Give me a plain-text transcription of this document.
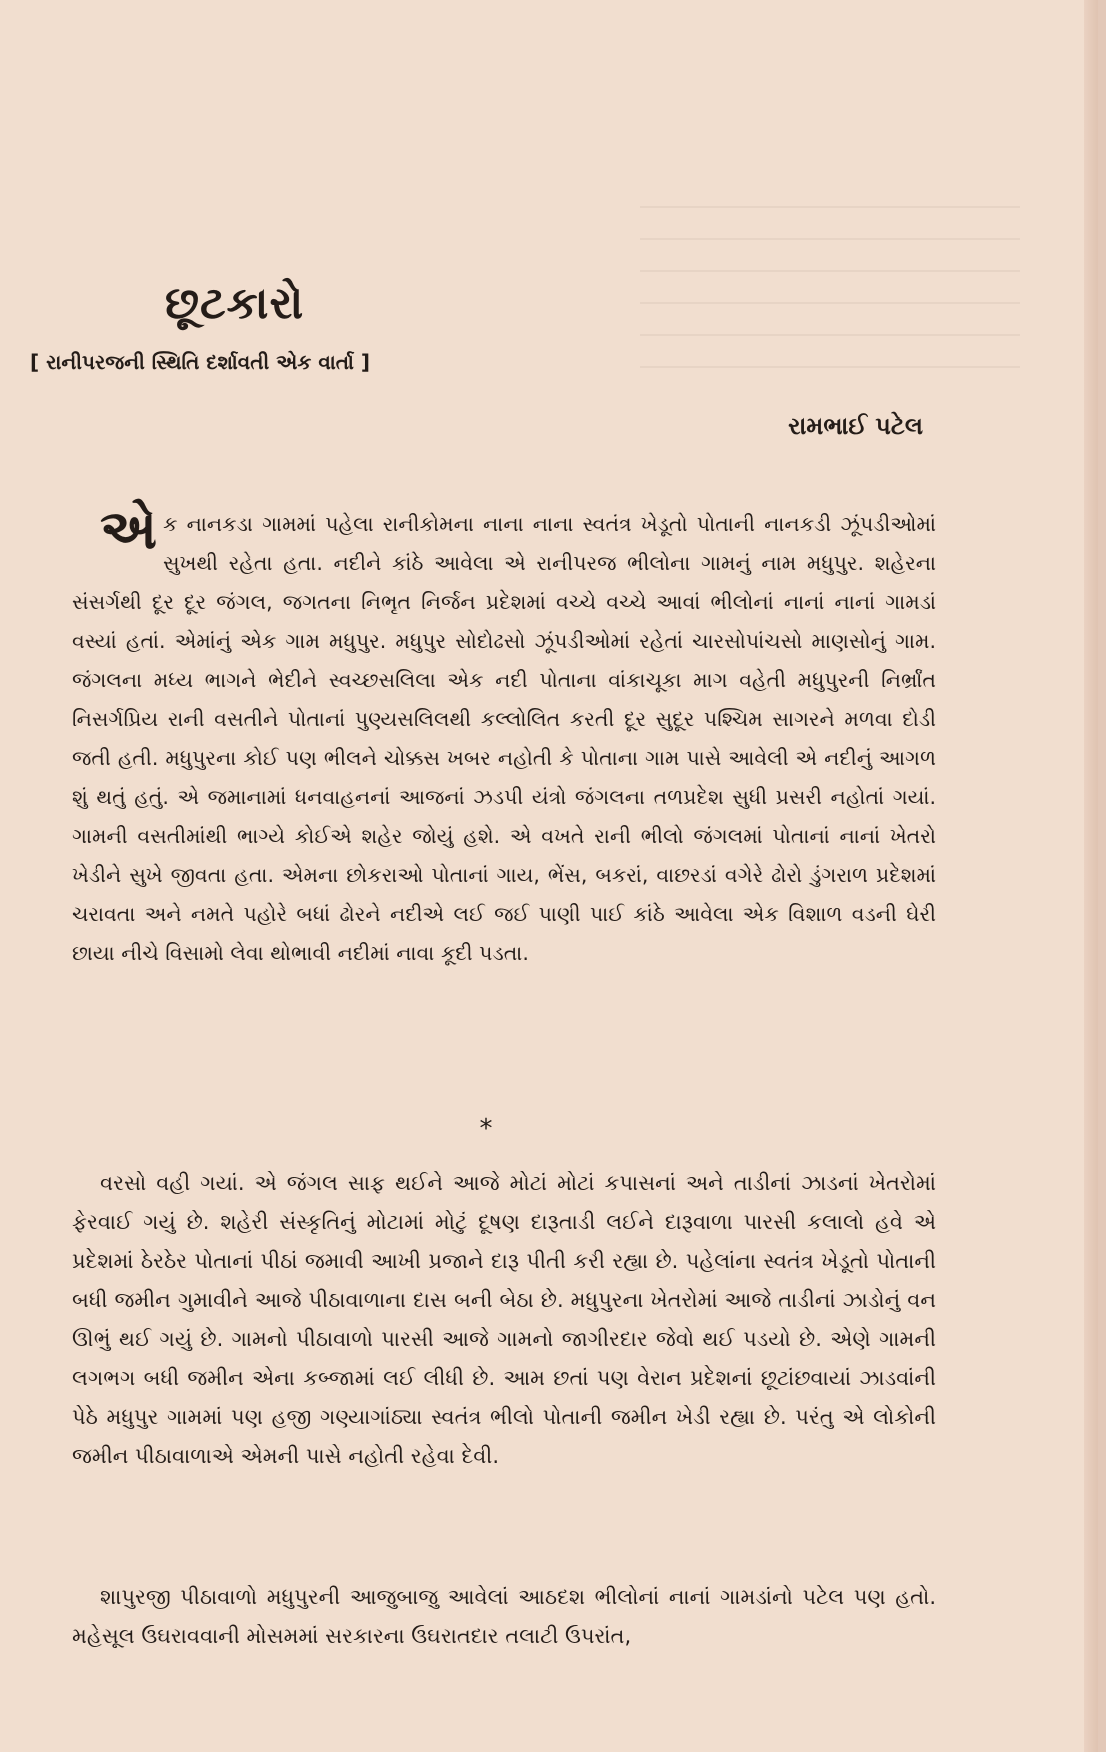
છૂટકારો

[ રાનીપરજની સ્થિતિ દર્શાવતી એક વાર્તા ]

રામભાઈ પટેલ

એક નાનકડા ગામમાં પહેલા રાનીકોમના નાના નાના સ્વતંત્ર ખેડૂતો પોતાની નાનકડી ઝૂંપડીઓમાં સુખથી રહેતા હતા. નદીને કાંઠે આવેલા એ રાનીપરજ ભીલોના ગામનું નામ મધુપુર. શહેરના સંસર્ગથી દૂર દૂર જંગલ, જગતના નિભૃત નિર્જન પ્રદેશમાં વચ્ચે વચ્ચે આવાં ભીલોનાં નાનાં નાનાં ગામડાં વસ્યાં હતાં. એમાંનું એક ગામ મધુપુર. મધુપુર સોદોઢસો ઝૂંપડીઓમાં રહેતાં ચારસોપાંચસો માણસોનું ગામ. જંગલના મધ્ય ભાગને ભેદીને સ્વચ્છસલિલા એક નદી પોતાના વાંકાચૂકા માગ વહેતી મધુપુરની નિર્ભ્રાંત નિસર્ગપ્રિય રાની વસતીને પોતાનાં પુણ્યસલિલથી કલ્લોલિત કરતી દૂર સુદૂર પશ્ચિમ સાગરને મળવા દોડી જતી હતી. મધુપુરના કોઈ પણ ભીલને ચોક્કસ ખબર નહોતી કે પોતાના ગામ પાસે આવેલી એ નદીનું આગળ શું થતું હતું. એ જમાનામાં ધનવાહનનાં આજનાં ઝડપી યંત્રો જંગલના તળપ્રદેશ સુધી પ્રસરી નહોતાં ગયાં. ગામની વસતીમાંથી ભાગ્યે કોઈએ શહેર જોયું હશે. એ વખતે રાની ભીલો જંગલમાં પોતાનાં નાનાં ખેતરો ખેડીને સુખે જીવતા હતા. એમના છોકરાઓ પોતાનાં ગાય, ભેંસ, બકરાં, વાછરડાં વગેરે ઢોરો ડુંગરાળ પ્રદેશમાં ચરાવતા અને નમતે પહોરે બધાં ઢોરને નદીએ લઈ જઈ પાણી પાઈ કાંઠે આવેલા એક વિશાળ વડની ઘેરી છાયા નીચે વિસામો લેવા થોભાવી નદીમાં નાવા કૂદી પડતા.

*

વરસો વહી ગયાં. એ જંગલ સાફ થઈને આજે મોટાં મોટાં કપાસનાં અને તાડીનાં ઝાડનાં ખેતરોમાં ફેરવાઈ ગયું છે. શહેરી સંસ્કૃતિનું મોટામાં મોટું દૂષણ દારૂતાડી લઈને દારૂવાળા પારસી કલાલો હવે એ પ્રદેશમાં ઠેરઠેર પોતાનાં પીઠાં જમાવી આખી પ્રજાને દારૂ પીતી કરી રહ્યા છે. પહેલાંના સ્વતંત્ર ખેડૂતો પોતાની બધી જમીન ગુમાવીને આજે પીઠાવાળાના દાસ બની બેઠા છે. મધુપુરના ખેતરોમાં આજે તાડીનાં ઝાડોનું વન ઊભું થઈ ગયું છે. ગામનો પીઠાવાળો પારસી આજે ગામનો જાગીરદાર જેવો થઈ પડયો છે. એણે ગામની લગભગ બધી જમીન એના કબ્જામાં લઈ લીધી છે. આમ છતાં પણ વેરાન પ્રદેશનાં છૂટાંછવાયાં ઝાડવાંની પેઠે મધુપુર ગામમાં પણ હજી ગણ્યાગાંઠ્યા સ્વતંત્ર ભીલો પોતાની જમીન ખેડી રહ્યા છે. પરંતુ એ લોકોની જમીન પીઠાવાળાએ એમની પાસે નહોતી રહેવા દેવી.

શાપુરજી પીઠાવાળો મધુપુરની આજુબાજુ આવેલાં આઠદશ ભીલોનાં નાનાં ગામડાંનો પટેલ પણ હતો. મહેસૂલ ઉઘરાવવાની મોસમમાં સરકારના ઉઘરાતદાર તલાટી ઉપરાંત,
